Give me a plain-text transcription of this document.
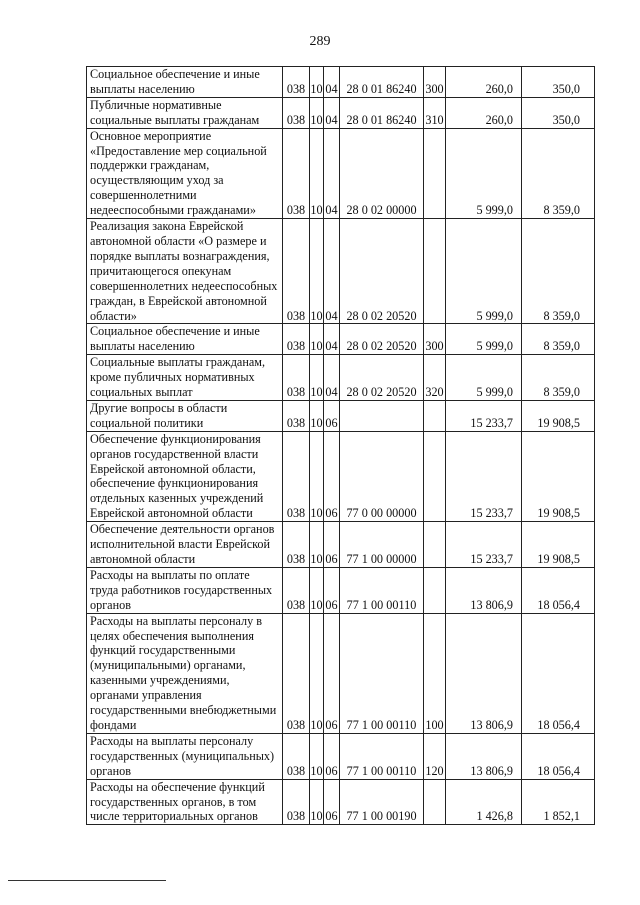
289
Социальное обеспечение и иные выплаты населению	038	10	04	28 0 01 86240	300	260,0	350,0
Публичные нормативные социальные выплаты гражданам	038	10	04	28 0 01 86240	310	260,0	350,0
Основное мероприятие «Предоставление мер социальной поддержки гражданам, осуществляющим уход за совершеннолетними недееспособными гражданами»	038	10	04	28 0 02 00000		5 999,0	8 359,0
Реализация закона Еврейской автономной области «О размере и порядке выплаты вознаграждения, причитающегося опекунам совершеннолетних недееспособных граждан, в Еврейской автономной области»	038	10	04	28 0 02 20520		5 999,0	8 359,0
Социальное обеспечение и иные выплаты населению	038	10	04	28 0 02 20520	300	5 999,0	8 359,0
Социальные выплаты гражданам, кроме публичных нормативных социальных выплат	038	10	04	28 0 02 20520	320	5 999,0	8 359,0
Другие вопросы в области социальной политики	038	10	06			15 233,7	19 908,5
Обеспечение функционирования органов государственной власти Еврейской автономной области, обеспечение функционирования отдельных казенных учреждений Еврейской автономной области	038	10	06	77 0 00 00000		15 233,7	19 908,5
Обеспечение деятельности органов исполнительной власти Еврейской автономной области	038	10	06	77 1 00 00000		15 233,7	19 908,5
Расходы на выплаты по оплате труда работников государственных органов	038	10	06	77 1 00 00110		13 806,9	18 056,4
Расходы на выплаты персоналу в целях обеспечения выполнения функций государственными (муниципальными) органами, казенными учреждениями, органами управления государственными внебюджетными фондами	038	10	06	77 1 00 00110	100	13 806,9	18 056,4
Расходы на выплаты персоналу государственных (муниципальных) органов	038	10	06	77 1 00 00110	120	13 806,9	18 056,4
Расходы на обеспечение функций государственных органов, в том числе территориальных органов	038	10	06	77 1 00 00190		1 426,8	1 852,1
